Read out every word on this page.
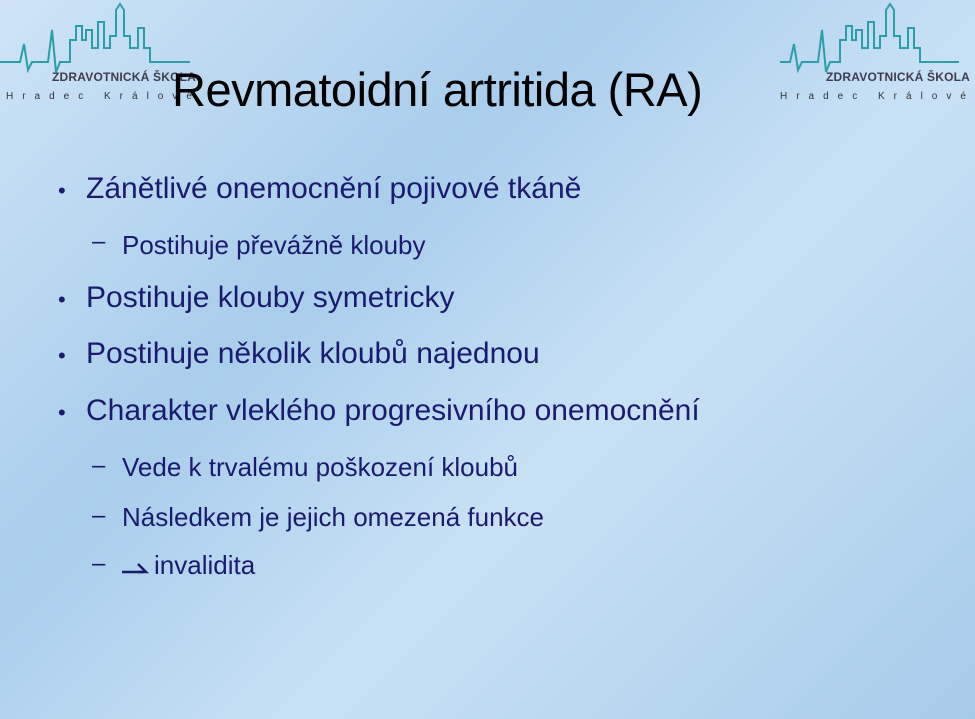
ZDRAVOTNICKÁ ŠKOLA
Hradec Králové
ZDRAVOTNICKÁ ŠKOLA
Hradec Králové
Revmatoidní artritida (RA)
• Zánětlivé onemocnění pojivové tkáně
– Postihuje převážně klouby
• Postihuje klouby symetricky
• Postihuje několik kloubů najednou
• Charakter vleklého progresivního onemocnění
– Vede k trvalému poškození kloubů
– Následkem je jejich omezená funkce
– invalidita
